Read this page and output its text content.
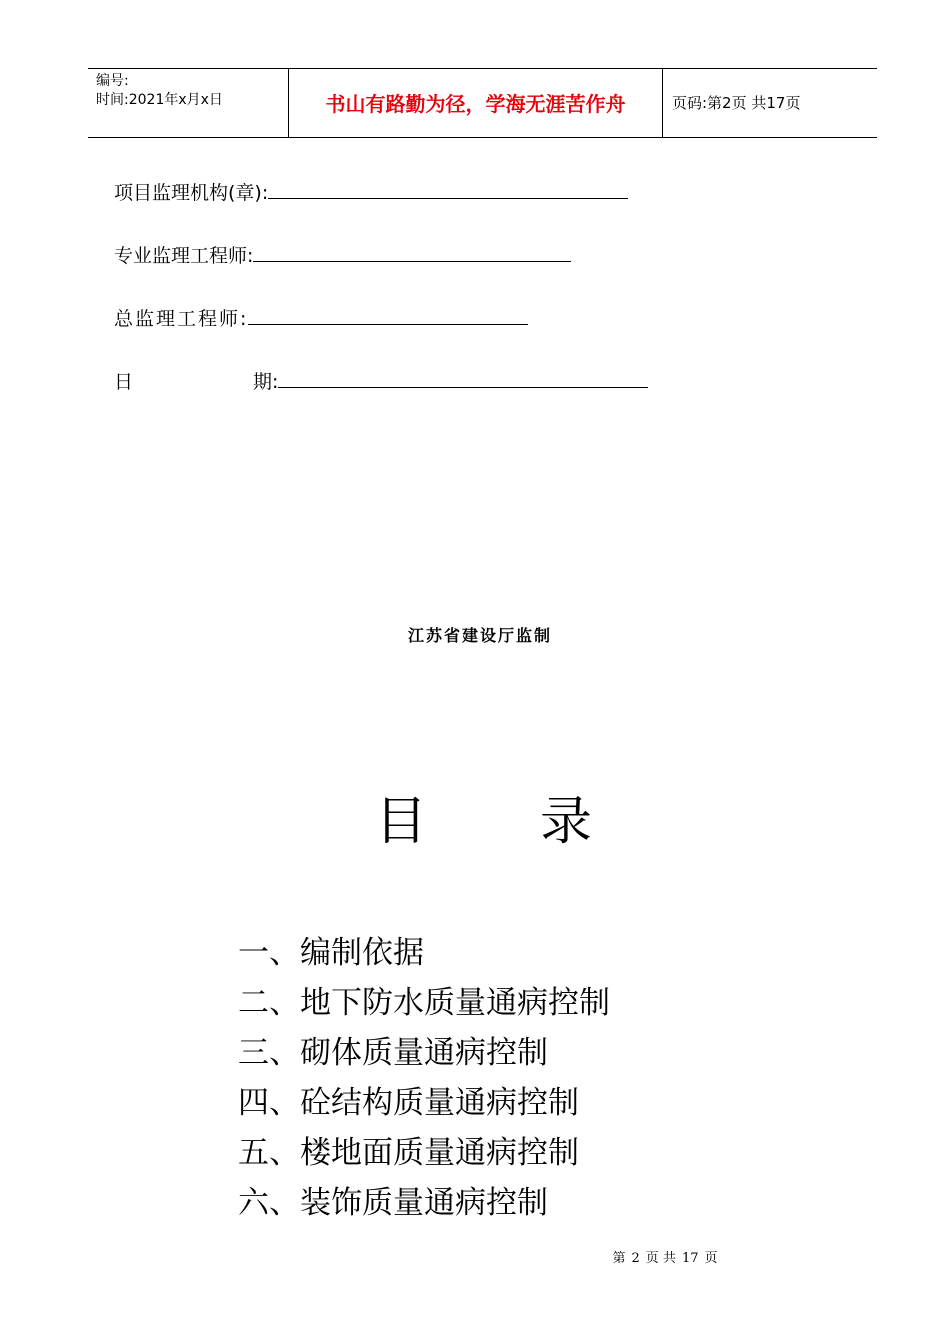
编号:
时间:2021年x月x日	书山有路勤为径，学海无涯苦作舟	页码:第2页 共17页
项目监理机构(章):
专业监理工程师:
总监理工程师:
日	期:
江苏省建设厅监制
目 录
一、编制依据
二、地下防水质量通病控制
三、砌体质量通病控制
四、砼结构质量通病控制
五、楼地面质量通病控制
六、装饰质量通病控制
第 2 页 共 17 页
